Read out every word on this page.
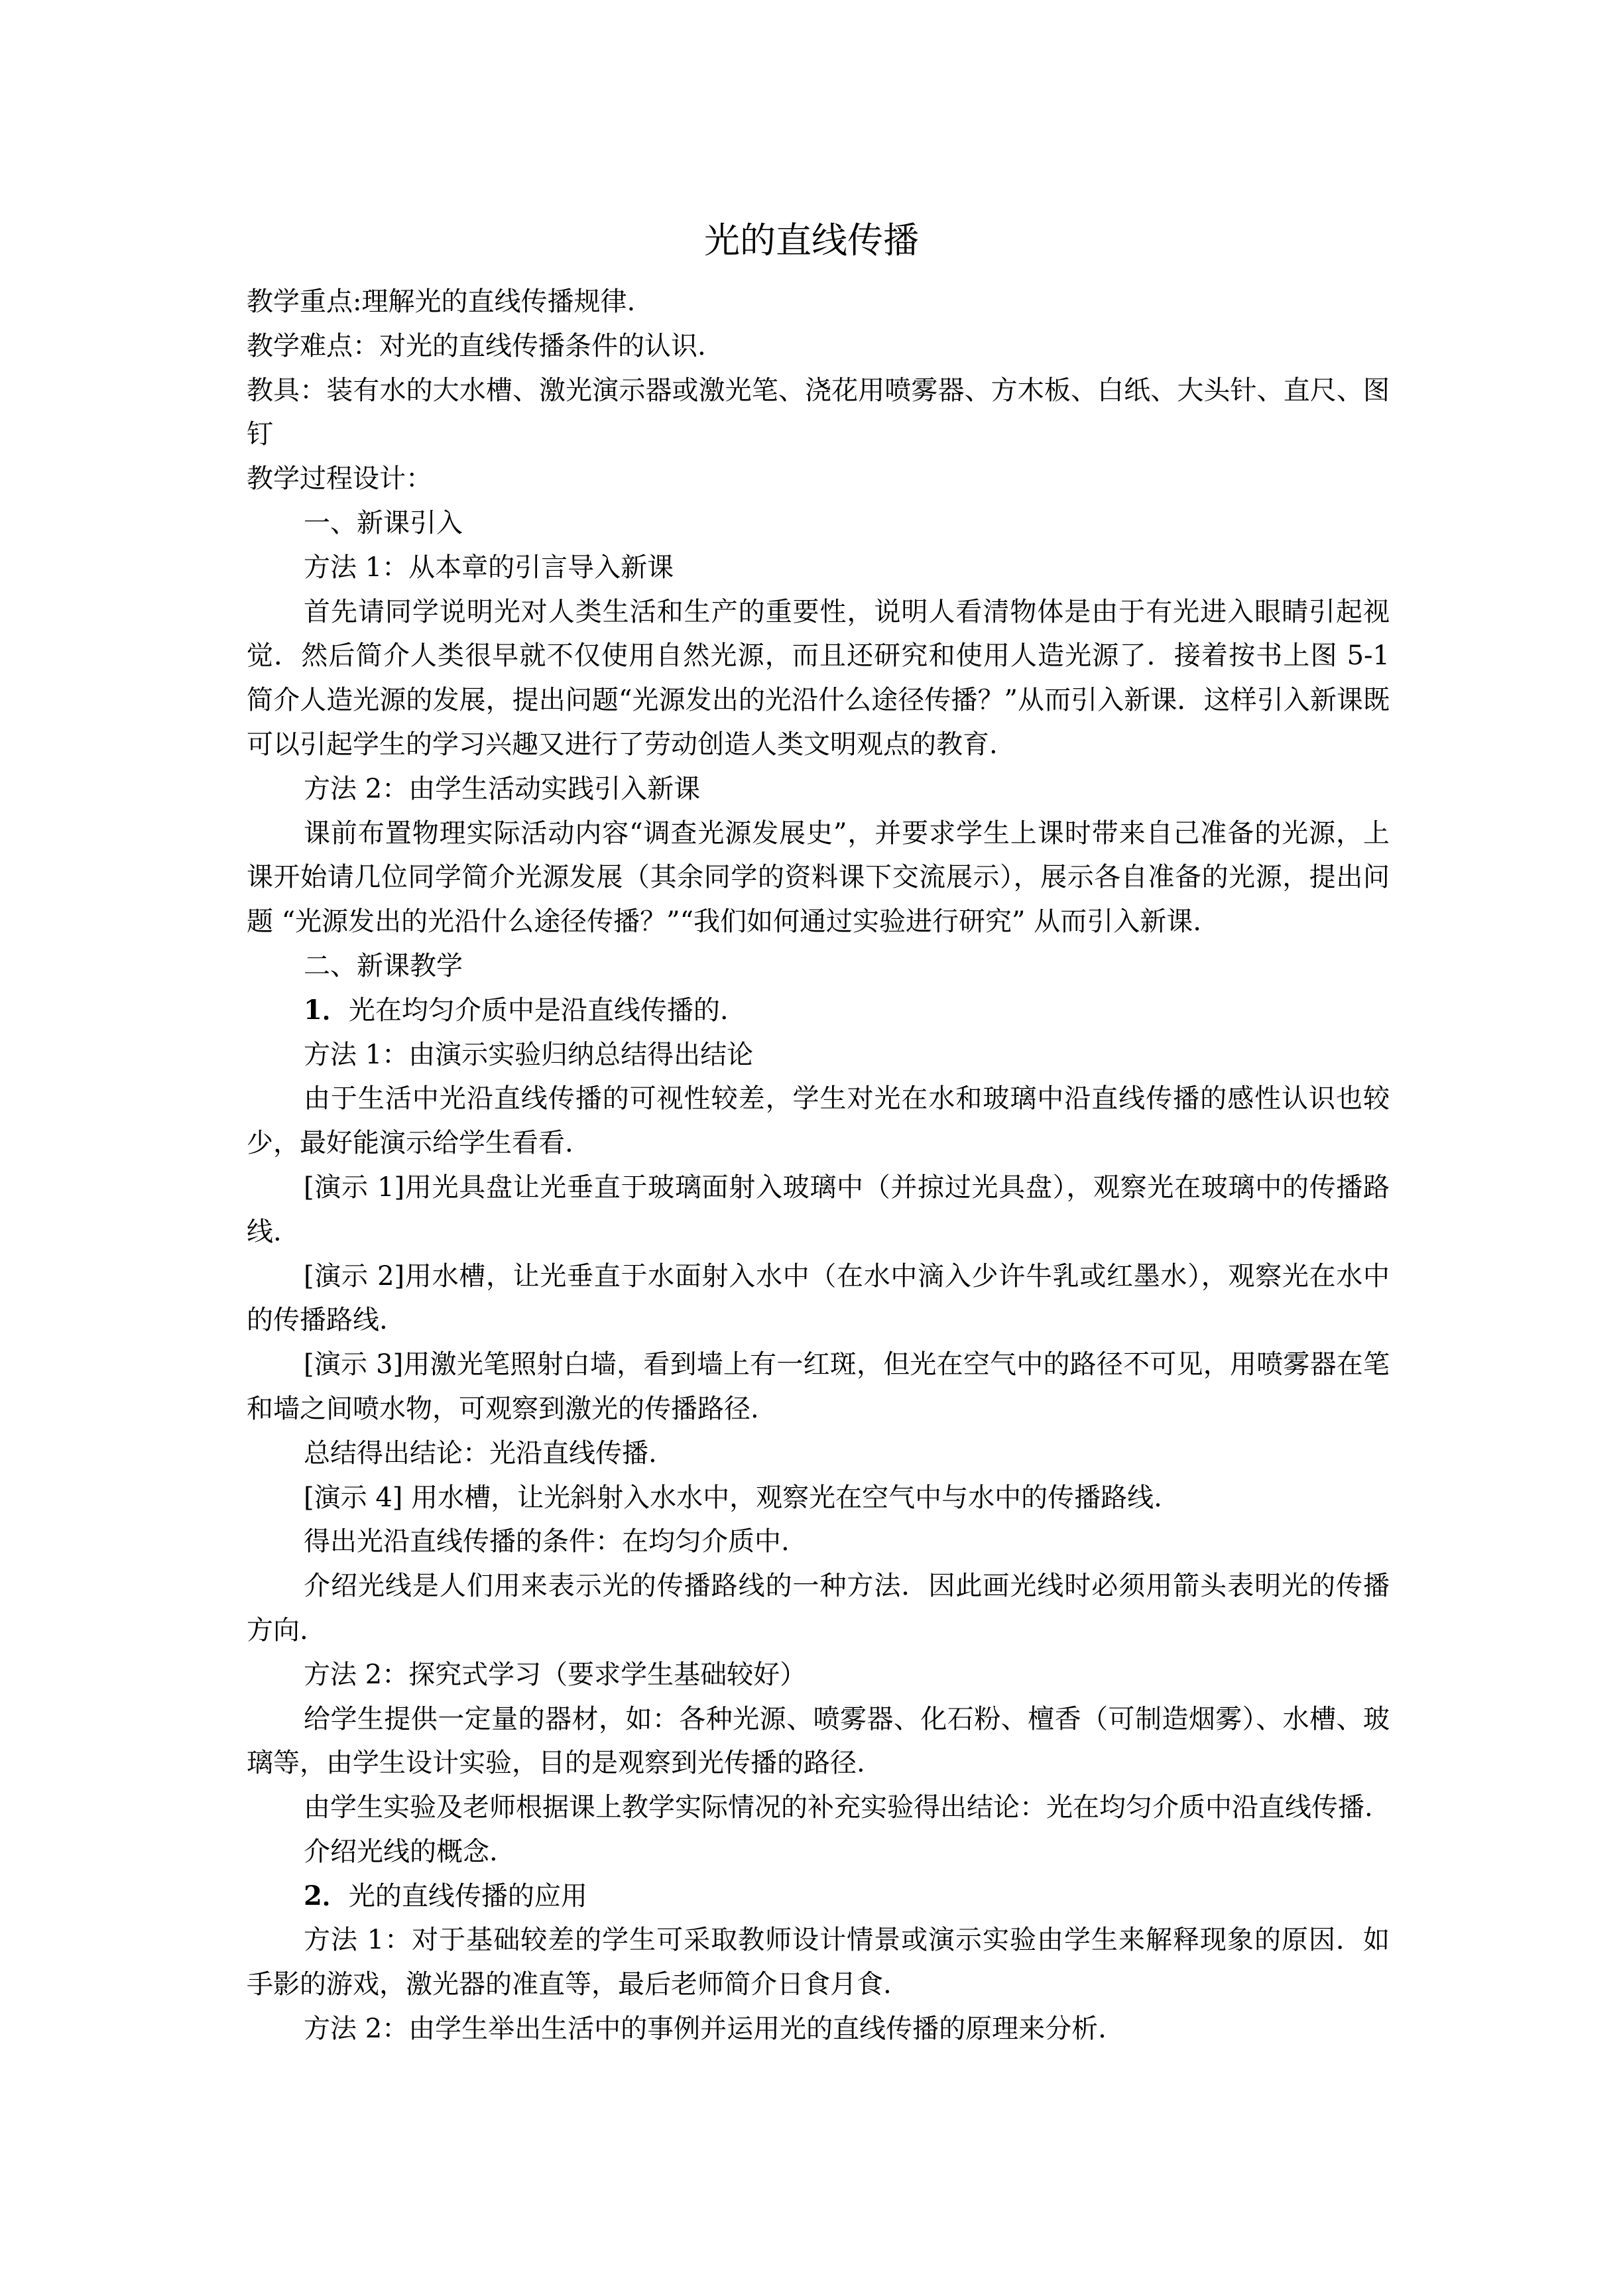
光的直线传播

教学重点:理解光的直线传播规律.

教学难点：对光的直线传播条件的认识.

教具：装有水的大水槽、激光演示器或激光笔、浇花用喷雾器、方木板、白纸、大头针、直尺、图钉

教学过程设计：

一、新课引入

方法 1：从本章的引言导入新课

首先请同学说明光对人类生活和生产的重要性，说明人看清物体是由于有光进入眼睛引起视觉．然后简介人类很早就不仅使用自然光源，而且还研究和使用人造光源了．接着按书上图 5-1 简介人造光源的发展，提出问题“光源发出的光沿什么途径传播？”从而引入新课．这样引入新课既可以引起学生的学习兴趣又进行了劳动创造人类文明观点的教育.

方法 2：由学生活动实践引入新课

课前布置物理实际活动内容“调查光源发展史”，并要求学生上课时带来自己准备的光源，上课开始请几位同学简介光源发展（其余同学的资料课下交流展示），展示各自准备的光源，提出问题 “光源发出的光沿什么途径传播？”“我们如何通过实验进行研究” 从而引入新课.

二、新课教学

1．光在均匀介质中是沿直线传播的.

方法 1：由演示实验归纳总结得出结论

由于生活中光沿直线传播的可视性较差，学生对光在水和玻璃中沿直线传播的感性认识也较少，最好能演示给学生看看.

[演示 1]用光具盘让光垂直于玻璃面射入玻璃中（并掠过光具盘），观察光在玻璃中的传播路线.

[演示 2]用水槽，让光垂直于水面射入水中（在水中滴入少许牛乳或红墨水），观察光在水中的传播路线.

[演示 3]用激光笔照射白墙，看到墙上有一红斑，但光在空气中的路径不可见，用喷雾器在笔和墙之间喷水物，可观察到激光的传播路径.

总结得出结论：光沿直线传播.

[演示 4] 用水槽，让光斜射入水水中，观察光在空气中与水中的传播路线.

得出光沿直线传播的条件：在均匀介质中.

介绍光线是人们用来表示光的传播路线的一种方法．因此画光线时必须用箭头表明光的传播方向.

方法 2：探究式学习（要求学生基础较好）

给学生提供一定量的器材，如：各种光源、喷雾器、化石粉、檀香（可制造烟雾）、水槽、玻璃等，由学生设计实验，目的是观察到光传播的路径.

由学生实验及老师根据课上教学实际情况的补充实验得出结论：光在均匀介质中沿直线传播.

介绍光线的概念.

2．光的直线传播的应用

方法 1：对于基础较差的学生可采取教师设计情景或演示实验由学生来解释现象的原因．如手影的游戏，激光器的准直等，最后老师简介日食月食.

方法 2：由学生举出生活中的事例并运用光的直线传播的原理来分析.
